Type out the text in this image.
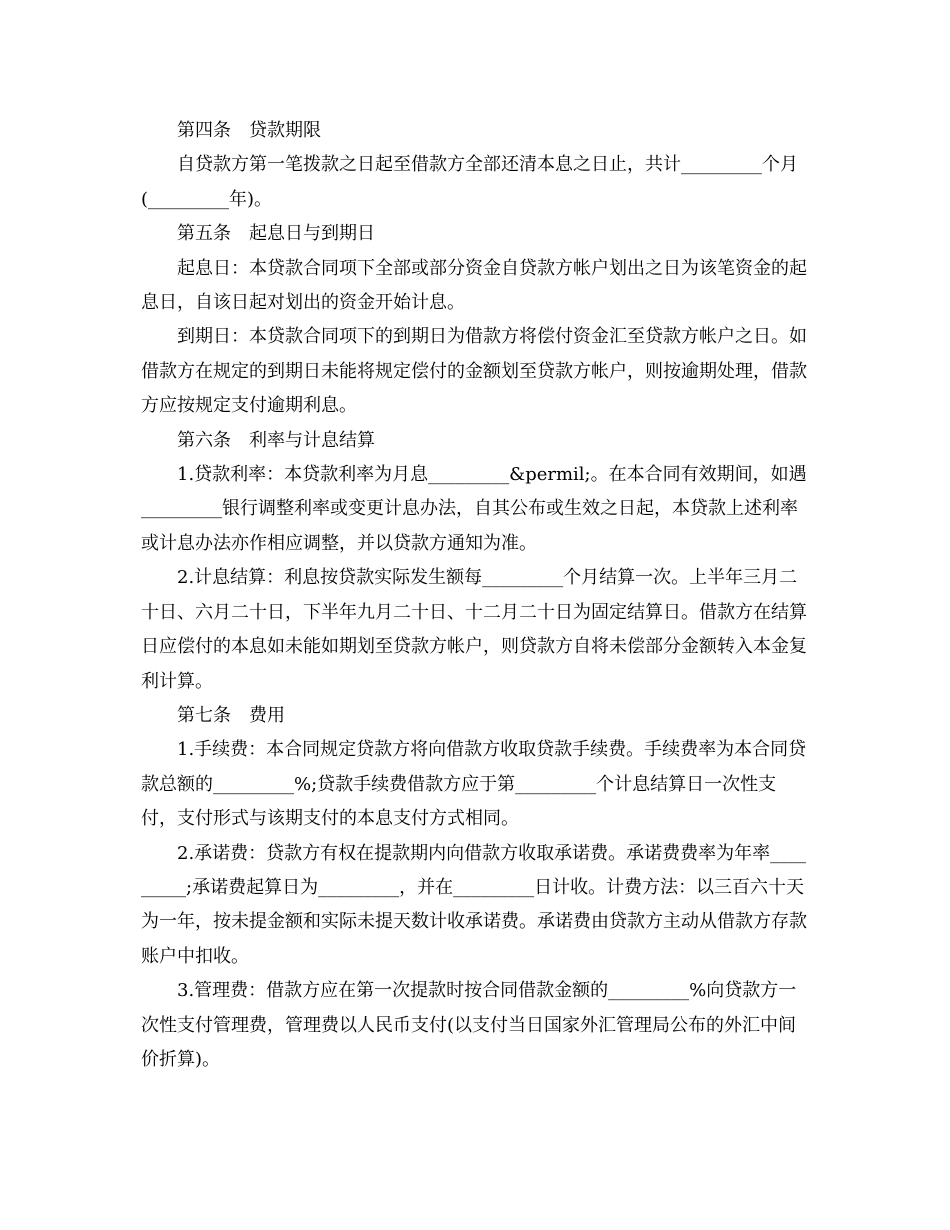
第四条　贷款期限

自贷款方第一笔拨款之日起至借款方全部还清本息之日止，共计_________个月(_________年)。

第五条　起息日与到期日

起息日：本贷款合同项下全部或部分资金自贷款方帐户划出之日为该笔资金的起息日，自该日起对划出的资金开始计息。

到期日：本贷款合同项下的到期日为借款方将偿付资金汇至贷款方帐户之日。如借款方在规定的到期日未能将规定偿付的金额划至贷款方帐户，则按逾期处理，借款方应按规定支付逾期利息。

第六条　利率与计息结算

1.贷款利率：本贷款利率为月息_________&permil;。在本合同有效期间，如遇_________银行调整利率或变更计息办法，自其公布或生效之日起，本贷款上述利率或计息办法亦作相应调整，并以贷款方通知为准。

2.计息结算：利息按贷款实际发生额每_________个月结算一次。上半年三月二十日、六月二十日，下半年九月二十日、十二月二十日为固定结算日。借款方在结算日应偿付的本息如未能如期划至贷款方帐户，则贷款方自将未偿部分金额转入本金复利计算。

第七条　费用

1.手续费：本合同规定贷款方将向借款方收取贷款手续费。手续费率为本合同贷款总额的_________%;贷款手续费借款方应于第_________个计息结算日一次性支付，支付形式与该期支付的本息支付方式相同。

2.承诺费：贷款方有权在提款期内向借款方收取承诺费。承诺费费率为年率_________;承诺费起算日为_________，并在_________日计收。计费方法：以三百六十天为一年，按未提金额和实际未提天数计收承诺费。承诺费由贷款方主动从借款方存款账户中扣收。

3.管理费：借款方应在第一次提款时按合同借款金额的_________%向贷款方一次性支付管理费，管理费以人民币支付(以支付当日国家外汇管理局公布的外汇中间价折算)。
